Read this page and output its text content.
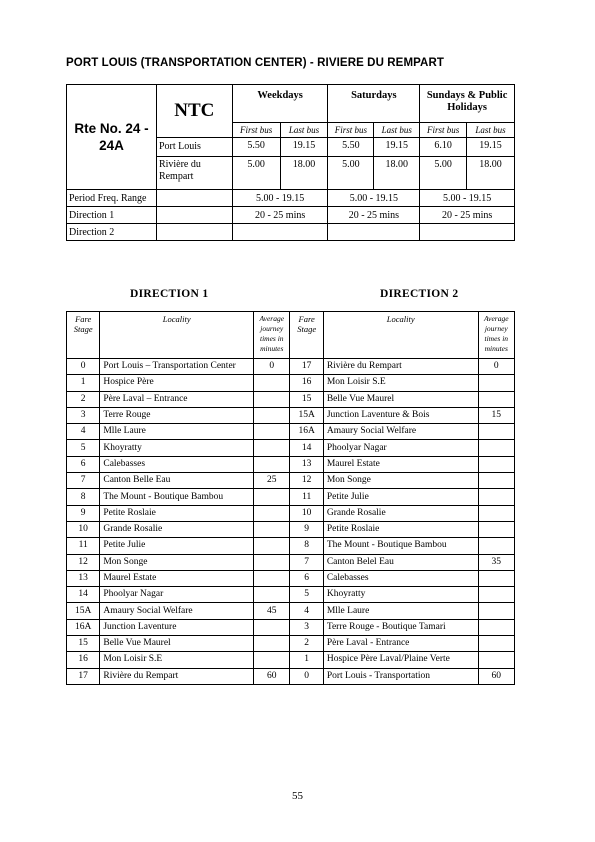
PORT LOUIS (TRANSPORTATION CENTER) - RIVIERE DU REMPART
Rte No. 24 - 24A	NTC	Weekdays		Saturdays		Sundays & Public Holidays	
		First bus	Last bus	First bus	Last bus	First bus	Last bus
	Port Louis	5.50	19.15	5.50	19.15	6.10	19.15
	Rivière du Rempart	5.00	18.00	5.00	18.00	5.00	18.00
Period Freq. Range		5.00 - 19.15		5.00 - 19.15		5.00 - 19.15	
Direction 1		20 - 25 mins		20 - 25 mins		20 - 25 mins	
Direction 2							
DIRECTION 1	DIRECTION 2
Fare Stage	Locality	Average journey times in minutes	Fare Stage	Locality	Average journey times in minutes
0	Port Louis – Transportation Center	0	17	Rivière du Rempart	0
1	Hospice Père		16	Mon Loisir S.E	
2	Père Laval – Entrance		15	Belle Vue Maurel	
3	Terre Rouge		15A	Junction Laventure & Bois	15
4	Mlle Laure		16A	Amaury Social Welfare	
5	Khoyratty		14	Phoolyar Nagar	
6	Calebasses		13	Maurel Estate	
7	Canton Belle Eau	25	12	Mon Songe	
8	The Mount - Boutique Bambou		11	Petite Julie	
9	Petite Roslaie		10	Grande Rosalie	
10	Grande Rosalie		9	Petite Roslaie	
11	Petite Julie		8	The Mount - Boutique Bambou	
12	Mon Songe		7	Canton Belel Eau	35
13	Maurel Estate		6	Calebasses	
14	Phoolyar Nagar		5	Khoyratty	
15A	Amaury Social Welfare	45	4	Mlle Laure	
16A	Junction Laventure		3	Terre Rouge - Boutique Tamari	
15	Belle Vue Maurel		2	Père Laval - Entrance	
16	Mon Loisir S.E		1	Hospice Père Laval/Plaine Verte	
17	Rivière du Rempart	60	0	Port Louis - Transportation	60
55
